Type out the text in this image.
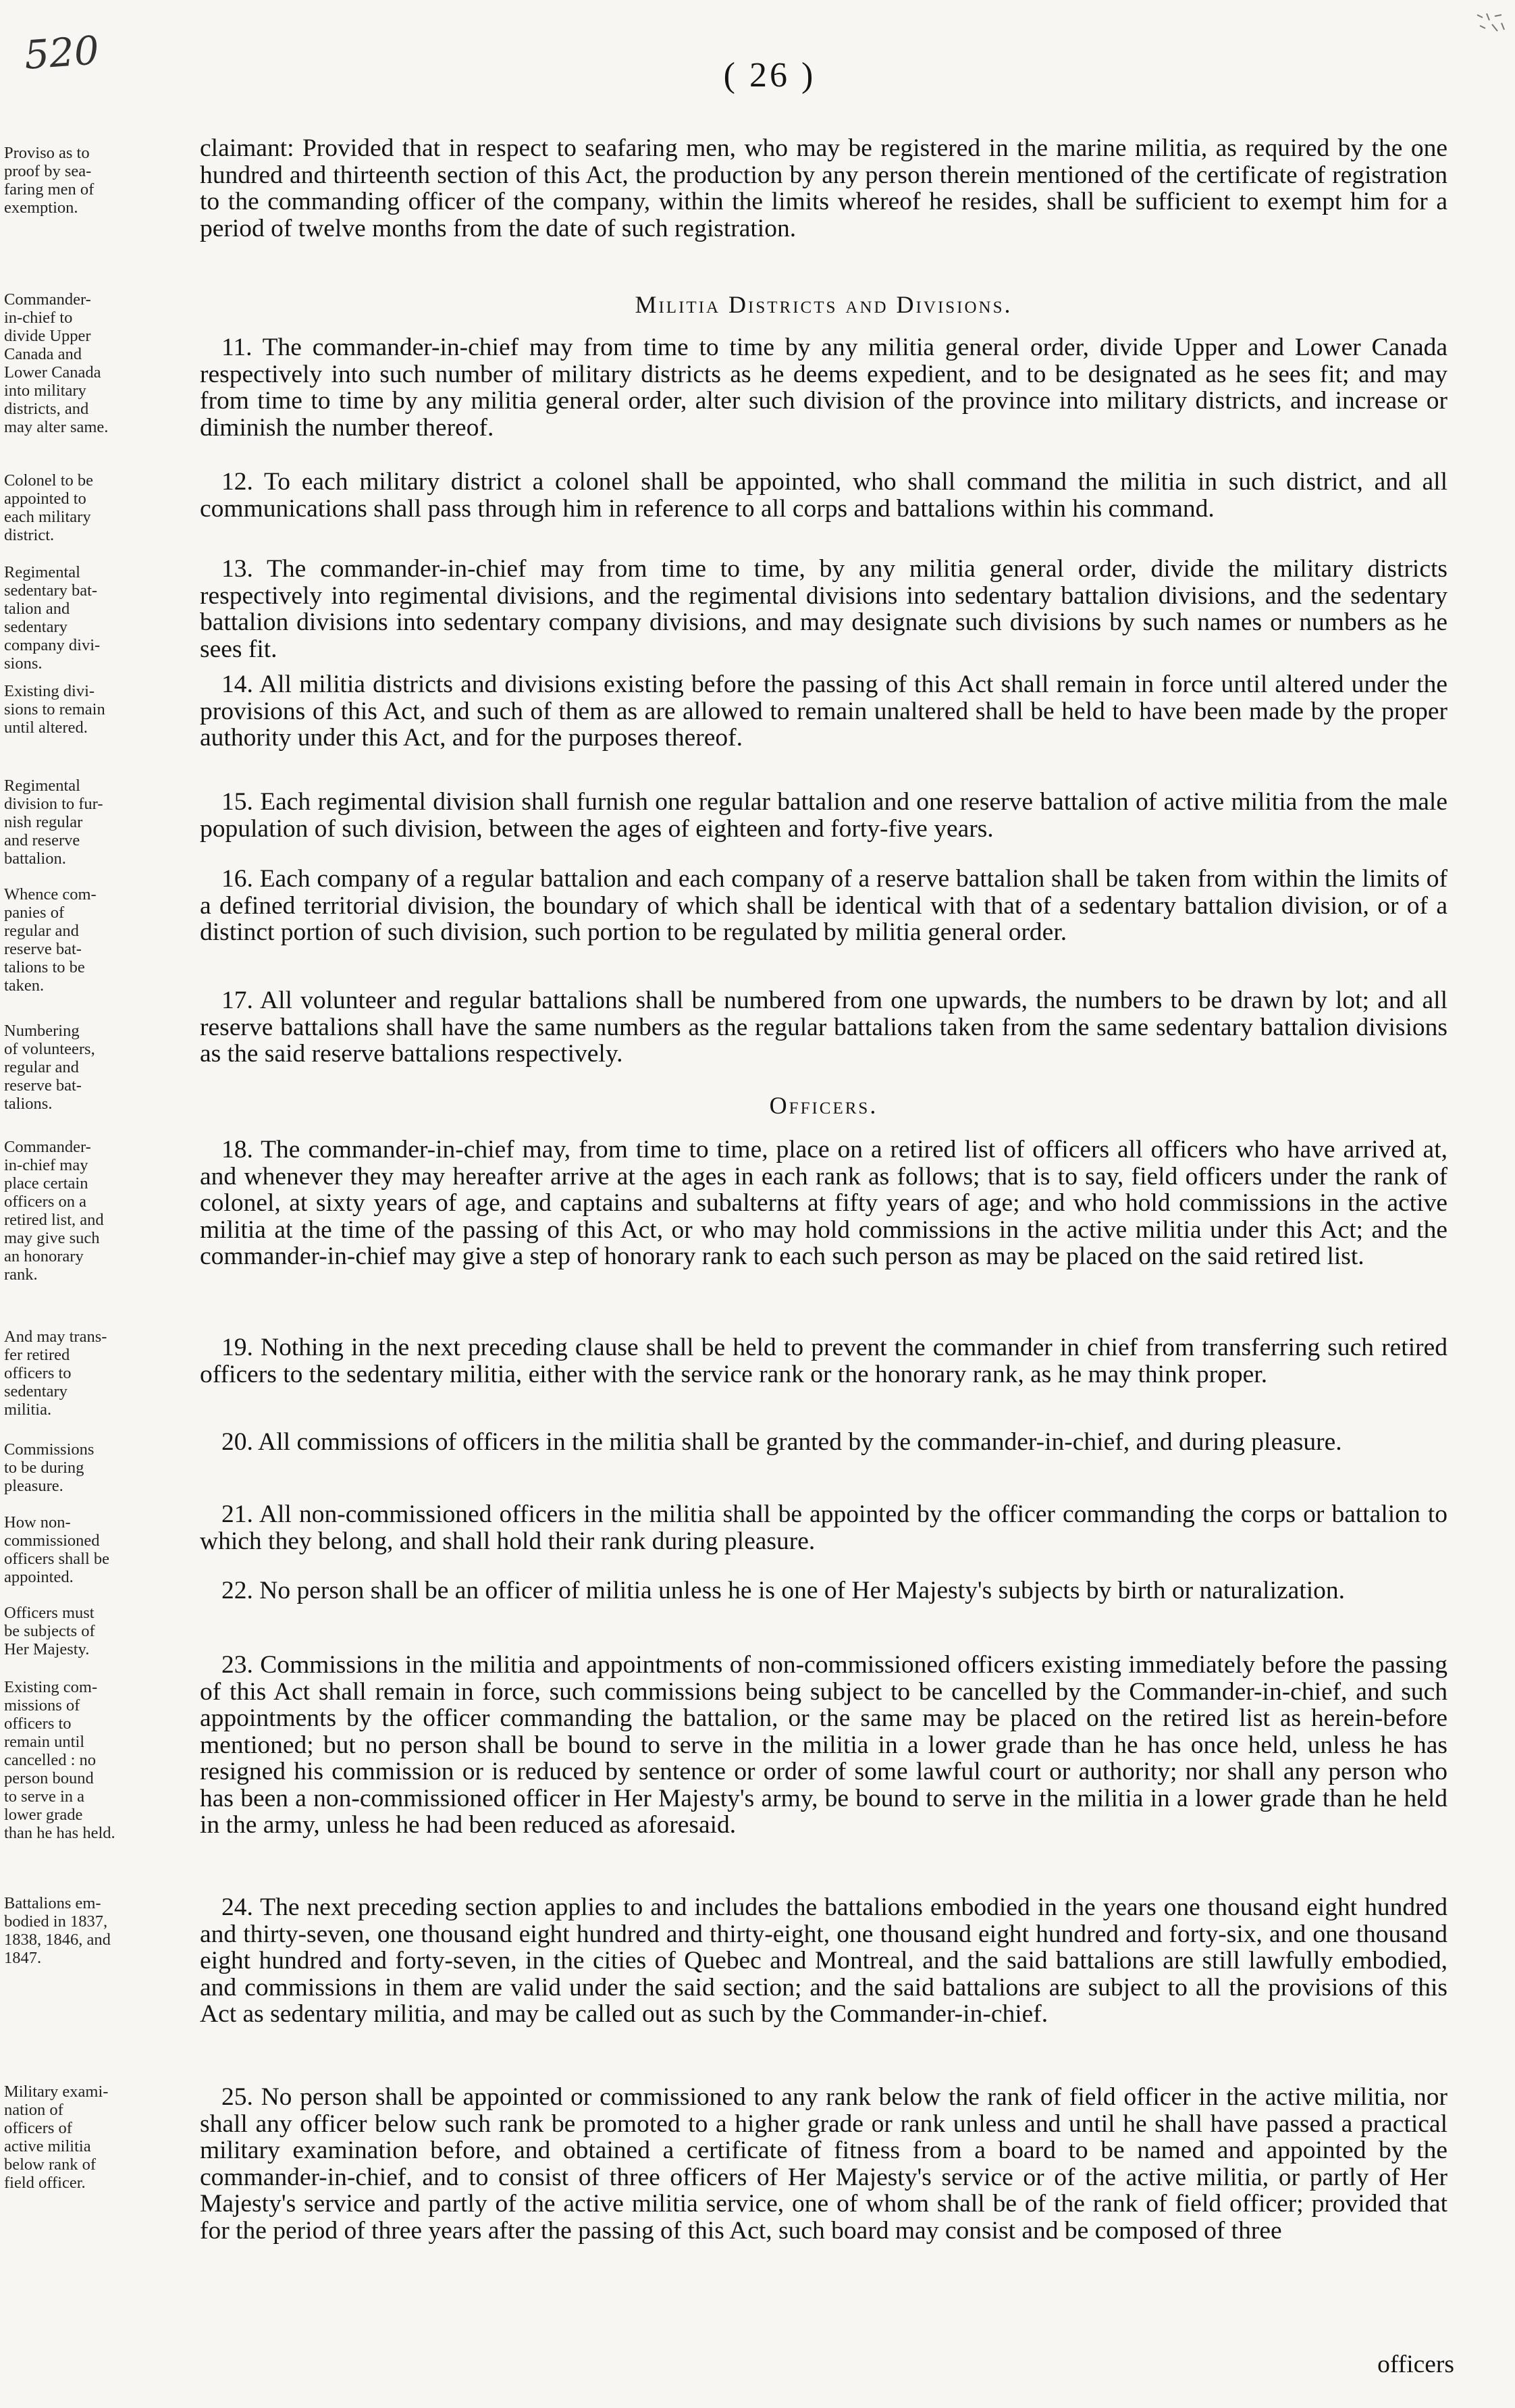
520	( 26 )
Proviso as to
proof by sea-
faring men of
exemption.
Commander-
in-chief to
divide Upper
Canada and
Lower Canada
into military
districts, and
may alter same.
Colonel to be
appointed to
each military
district.
Regimental
sedentary bat-
talion and
sedentary
company divi-
sions.
Existing divi-
sions to remain
until altered.
Regimental
division to fur-
nish regular
and reserve
battalion.
Whence com-
panies of
regular and
reserve bat-
talions to be
taken.
Numbering
of volunteers,
regular and
reserve bat-
talions.
Commander-
in-chief may
place certain
officers on a
retired list, and
may give such
an honorary
rank.
And may trans-
fer retired
officers to
sedentary
militia.
Commissions
to be during
pleasure.
How non-
commissioned
officers shall be
appointed.
Officers must
be subjects of
Her Majesty.
Existing com-
missions of
officers to
remain until
cancelled : no
person bound
to serve in a
lower grade
than he has held.
Battalions em-
bodied in 1837,
1838, 1846, and
1847.
Military exami-
nation of
officers of
active militia
below rank of
field officer.

claimant: Provided that in respect to seafaring men, who may be registered in the marine militia, as required by the one hundred and thirteenth section of this Act, the production by any person therein mentioned of the certificate of registration to the commanding officer of the company, within the limits whereof he resides, shall be sufficient to exempt him for a period of twelve months from the date of such registration.

Militia Districts and Divisions.

11. The commander-in-chief may from time to time by any militia general order, divide Upper and Lower Canada respectively into such number of military districts as he deems expedient, and to be designated as he sees fit; and may from time to time by any militia general order, alter such division of the province into military districts, and increase or diminish the number thereof.

12. To each military district a colonel shall be appointed, who shall command the militia in such district, and all communications shall pass through him in reference to all corps and battalions within his command.

13. The commander-in-chief may from time to time, by any militia general order, divide the military districts respectively into regimental divisions, and the regimental divisions into sedentary battalion divisions, and the sedentary battalion divisions into sedentary company divisions, and may designate such divisions by such names or numbers as he sees fit.

14. All militia districts and divisions existing before the passing of this Act shall remain in force until altered under the provisions of this Act, and such of them as are allowed to remain unaltered shall be held to have been made by the proper authority under this Act, and for the purposes thereof.

15. Each regimental division shall furnish one regular battalion and one reserve battalion of active militia from the male population of such division, between the ages of eighteen and forty-five years.

16. Each company of a regular battalion and each company of a reserve battalion shall be taken from within the limits of a defined territorial division, the boundary of which shall be identical with that of a sedentary battalion division, or of a distinct portion of such division, such portion to be regulated by militia general order.

17. All volunteer and regular battalions shall be numbered from one upwards, the numbers to be drawn by lot; and all reserve battalions shall have the same numbers as the regular battalions taken from the same sedentary battalion divisions as the said reserve battalions respectively.

Officers.

18. The commander-in-chief may, from time to time, place on a retired list of officers all officers who have arrived at, and whenever they may hereafter arrive at the ages in each rank as follows; that is to say, field officers under the rank of colonel, at sixty years of age, and captains and subalterns at fifty years of age; and who hold commissions in the active militia at the time of the passing of this Act, or who may hold commissions in the active militia under this Act; and the commander-in-chief may give a step of honorary rank to each such person as may be placed on the said retired list.

19. Nothing in the next preceding clause shall be held to prevent the commander in chief from transferring such retired officers to the sedentary militia, either with the service rank or the honorary rank, as he may think proper.

20. All commissions of officers in the militia shall be granted by the commander-in-chief, and during pleasure.

21. All non-commissioned officers in the militia shall be appointed by the officer commanding the corps or battalion to which they belong, and shall hold their rank during pleasure.

22. No person shall be an officer of militia unless he is one of Her Majesty's subjects by birth or naturalization.

23. Commissions in the militia and appointments of non-commissioned officers existing immediately before the passing of this Act shall remain in force, such commissions being subject to be cancelled by the Commander-in-chief, and such appointments by the officer commanding the battalion, or the same may be placed on the retired list as herein-before mentioned; but no person shall be bound to serve in the militia in a lower grade than he has once held, unless he has resigned his commission or is reduced by sentence or order of some lawful court or authority; nor shall any person who has been a non-commissioned officer in Her Majesty's army, be bound to serve in the militia in a lower grade than he held in the army, unless he had been reduced as aforesaid.

24. The next preceding section applies to and includes the battalions embodied in the years one thousand eight hundred and thirty-seven, one thousand eight hundred and thirty-eight, one thousand eight hundred and forty-six, and one thousand eight hundred and forty-seven, in the cities of Quebec and Montreal, and the said battalions are still lawfully embodied, and commissions in them are valid under the said section; and the said battalions are subject to all the provisions of this Act as sedentary militia, and may be called out as such by the Commander-in-chief.

25. No person shall be appointed or commissioned to any rank below the rank of field officer in the active militia, nor shall any officer below such rank be promoted to a higher grade or rank unless and until he shall have passed a practical military examination before, and obtained a certificate of fitness from a board to be named and appointed by the commander-in-chief, and to consist of three officers of Her Majesty's service or of the active militia, or partly of Her Majesty's service and partly of the active militia service, one of whom shall be of the rank of field officer; provided that for the period of three years after the passing of this Act, such board may consist and be composed of three

officers
